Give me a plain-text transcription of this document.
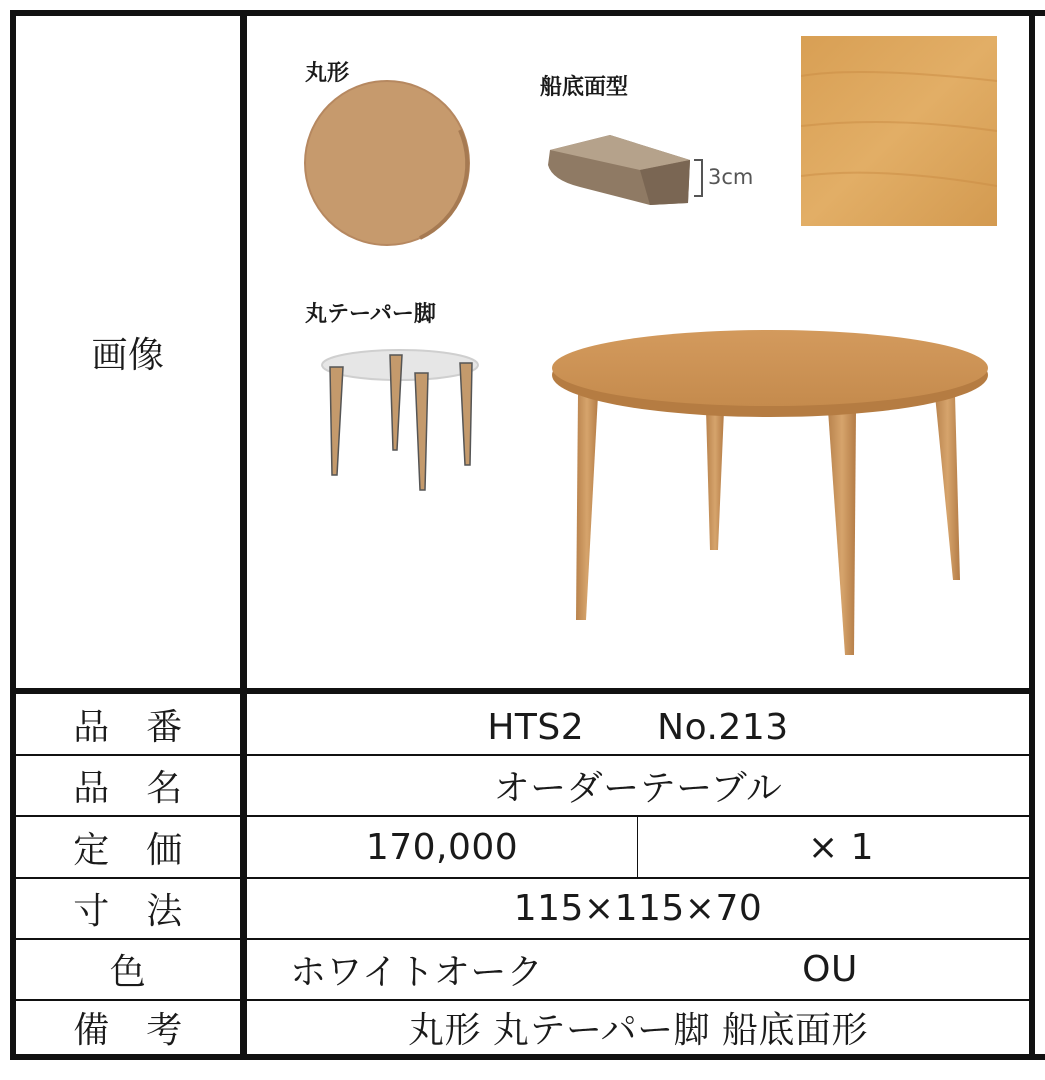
画像
丸形
船底面型
3cm
丸テーパー脚
品　番	HTS2　　No.213
品　名	オーダーテーブル
定　価	170,000	× 1
寸　法	115×115×70
色	ホワイトオーク	OU
備　考	丸形 丸テーパー脚 船底面形
